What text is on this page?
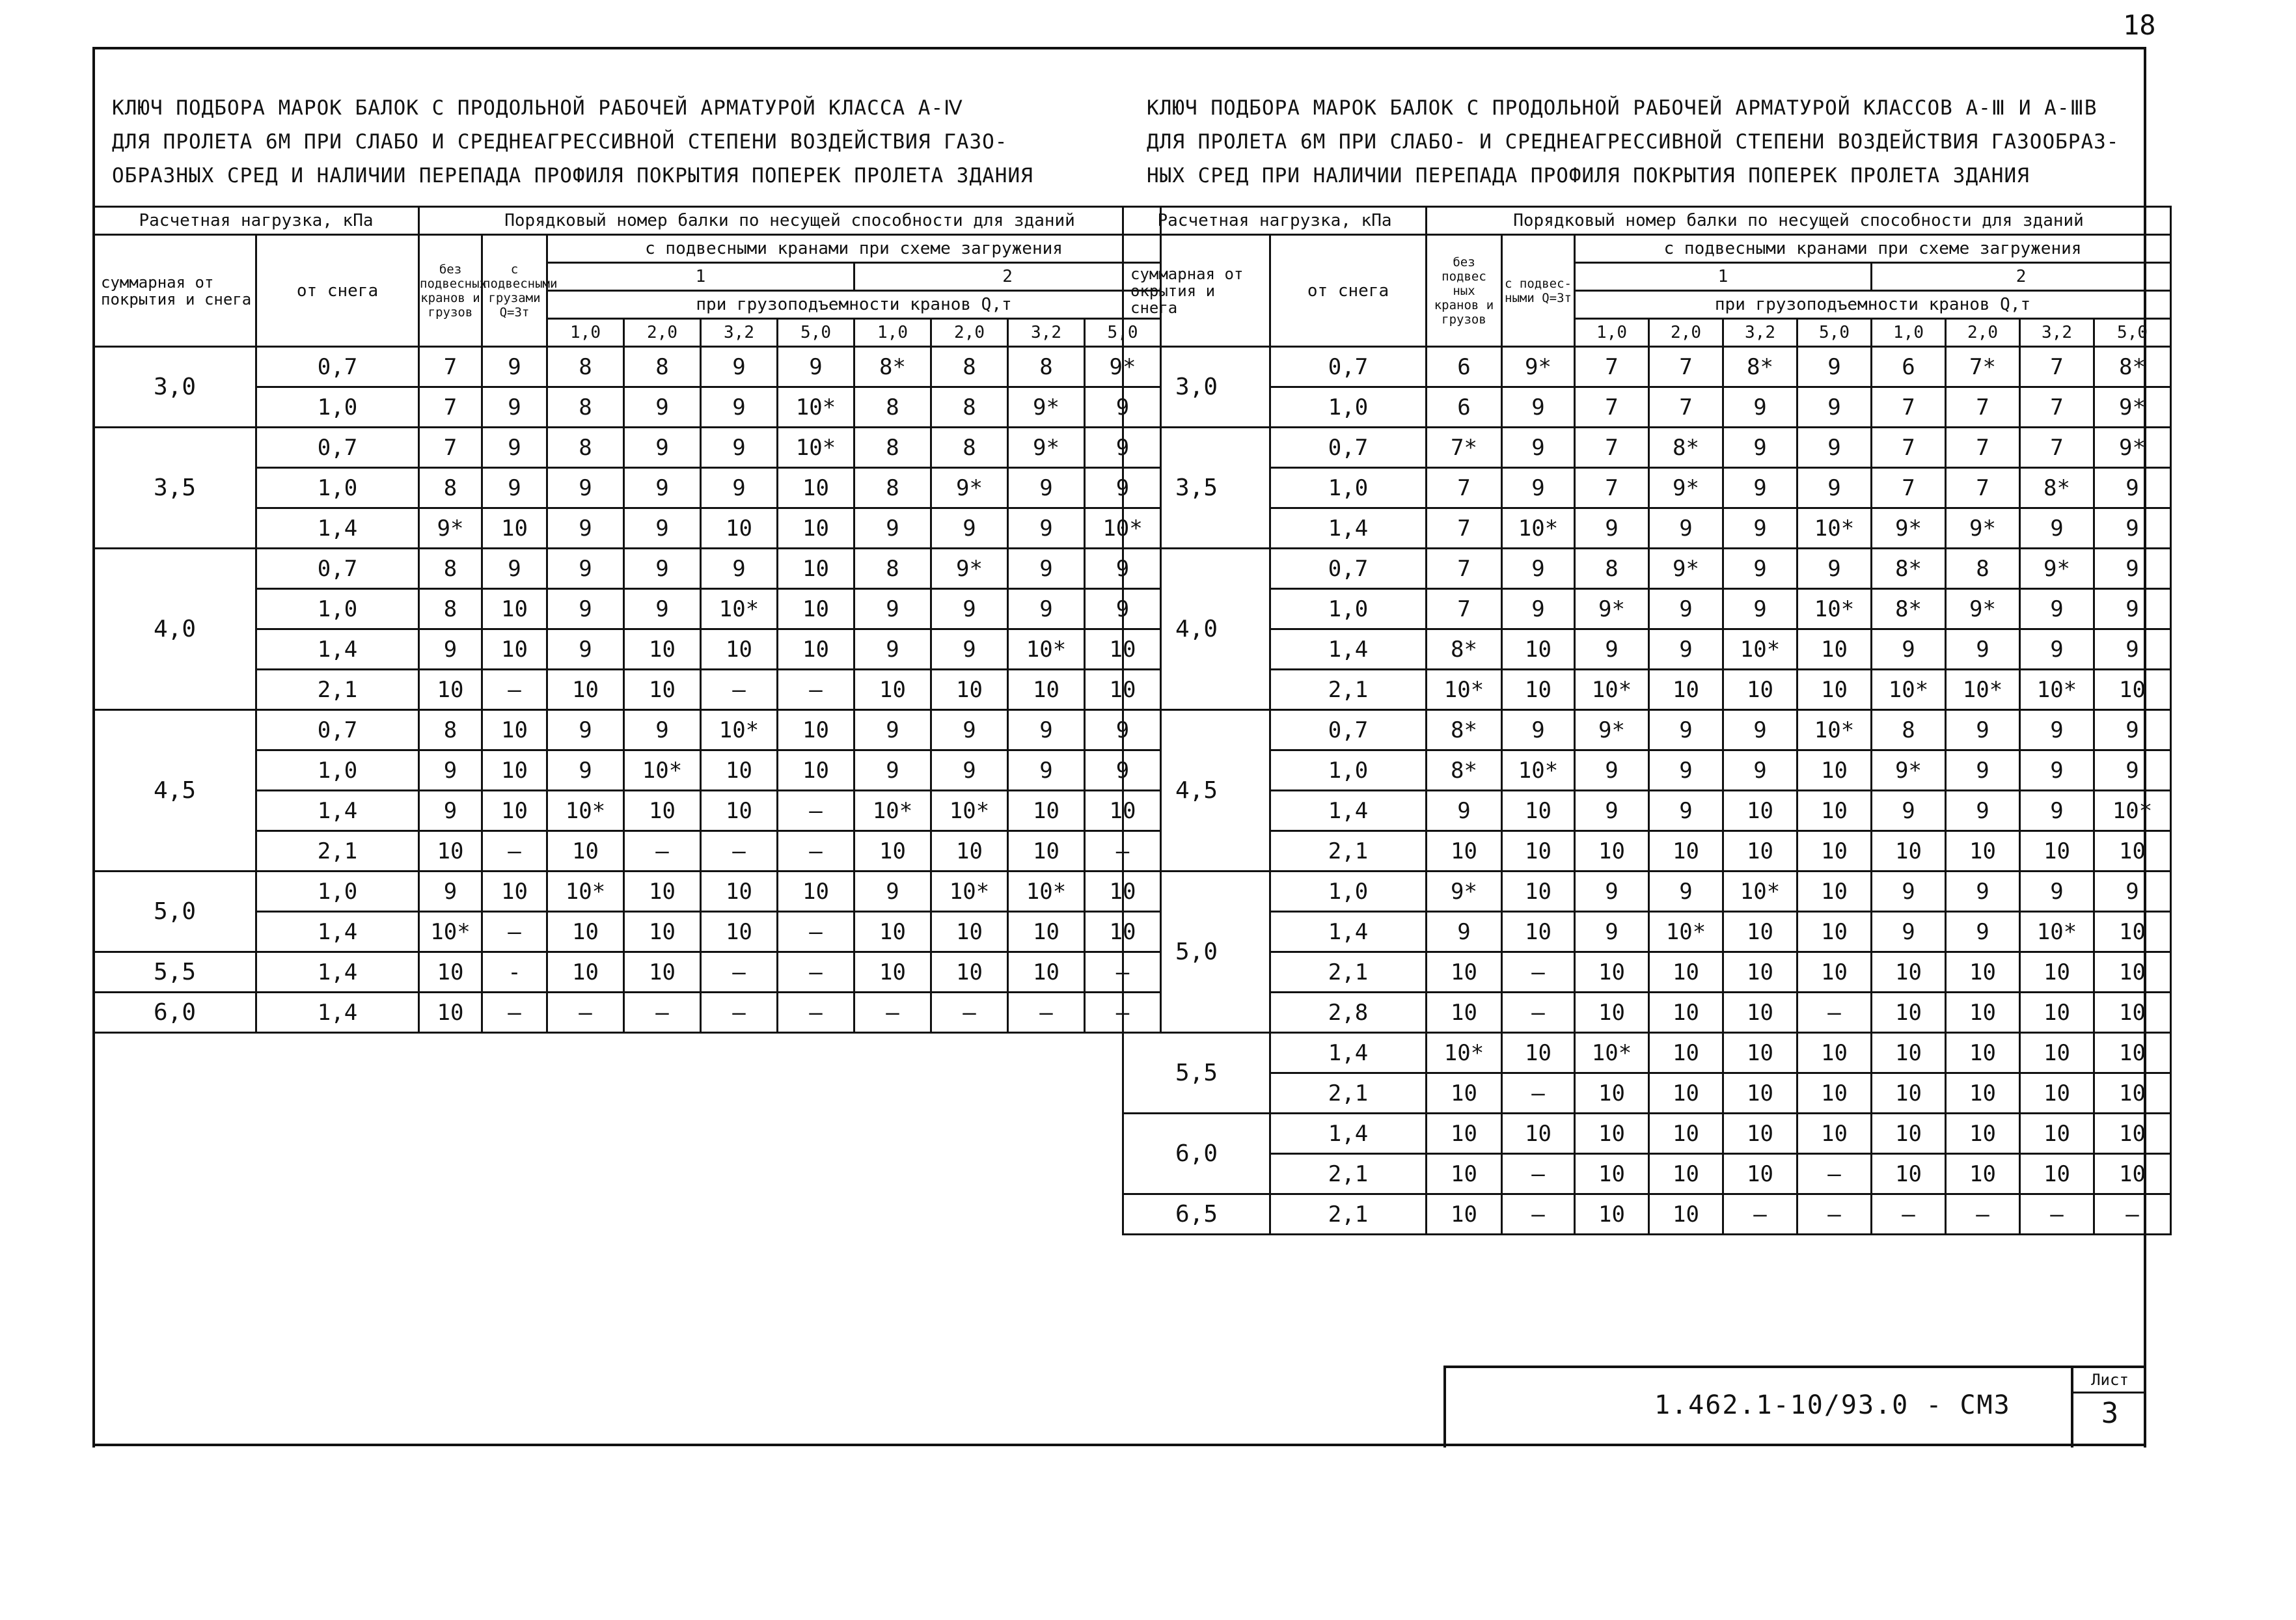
18
КЛЮЧ ПОДБОРА МАРОК БАЛОК С ПРОДОЛЬНОЙ РАБОЧЕЙ АРМАТУРОЙ КЛАССА А-Ⅳ
ДЛЯ ПРОЛЕТА 6М ПРИ СЛАБО И СРЕДНЕАГРЕССИВНОЙ СТЕПЕНИ ВОЗДЕЙСТВИЯ ГАЗО-
ОБРАЗНЫХ СРЕД И НАЛИЧИИ ПЕРЕПАДА ПРОФИЛЯ ПОКРЫТИЯ ПОПЕРЕК ПРОЛЕТА ЗДАНИЯ
КЛЮЧ ПОДБОРА МАРОК БАЛОК С ПРОДОЛЬНОЙ РАБОЧЕЙ АРМАТУРОЙ КЛАССОВ А-Ⅲ И А-ⅢВ
ДЛЯ ПРОЛЕТА 6М ПРИ СЛАБО- И СРЕДНЕАГРЕССИВНОЙ СТЕПЕНИ ВОЗДЕЙСТВИЯ ГАЗООБРАЗ-
НЫХ СРЕД ПРИ НАЛИЧИИ ПЕРЕПАДА ПРОФИЛЯ ПОКРЫТИЯ ПОПЕРЕК ПРОЛЕТА ЗДАНИЯ
Расчетная нагрузка, кПа		Порядковый номер балки по несущей способности для зданий									
суммарная от покрытия и снега	от снега	без подвесных кранов и грузов	с подвесными грузами Q=3т	с подвесными кранами при схеме загружения							
				1				2			
				при грузоподъемности кранов Q,т							
				1,0	2,0	3,2	5,0	1,0	2,0	3,2	5,0
3,0	0,7	7	9	8	8	9	9	8*	8	8	9*
	1,0	7	9	8	9	9	10*	8	8	9*	9
3,5	0,7	7	9	8	9	9	10*	8	8	9*	9
	1,0	8	9	9	9	9	10	8	9*	9	9
	1,4	9*	10	9	9	10	10	9	9	9	10*
4,0	0,7	8	9	9	9	9	10	8	9*	9	9
	1,0	8	10	9	9	10*	10	9	9	9	9
	1,4	9	10	9	10	10	10	9	9	10*	10
	2,1	10	—	10	10	—	—	10	10	10	10
4,5	0,7	8	10	9	9	10*	10	9	9	9	9
	1,0	9	10	9	10*	10	10	9	9	9	9
	1,4	9	10	10*	10	10	—	10*	10*	10	10
	2,1	10	—	10	—	—	—	10	10	10	—
5,0	1,0	9	10	10*	10	10	10	9	10*	10*	10
	1,4	10*	—	10	10	10	—	10	10	10	10
5,5	1,4	10	-	10	10	—	—	10	10	10	—
6,0	1,4	10	—	—	—	—	—	—	—	—	—
Расчетная нагрузка, кПа		Порядковый номер балки по несущей способности для зданий									
суммарная от окрытия и снега	от снега	без подвес ных кранов и грузов	с подвес-ными Q=3т	с подвесными кранами при схеме загружения							
				1				2			
				при грузоподъемности кранов Q,т							
				1,0	2,0	3,2	5,0	1,0	2,0	3,2	5,0
3,0	0,7	6	9*	7	7	8*	9	6	7*	7	8*
	1,0	6	9	7	7	9	9	7	7	7	9*
3,5	0,7	7*	9	7	8*	9	9	7	7	7	9*
	1,0	7	9	7	9*	9	9	7	7	8*	9
	1,4	7	10*	9	9	9	10*	9*	9*	9	9
4,0	0,7	7	9	8	9*	9	9	8*	8	9*	9
	1,0	7	9	9*	9	9	10*	8*	9*	9	9
	1,4	8*	10	9	9	10*	10	9	9	9	9
	2,1	10*	10	10*	10	10	10	10*	10*	10*	10
4,5	0,7	8*	9	9*	9	9	10*	8	9	9	9
	1,0	8*	10*	9	9	9	10	9*	9	9	9
	1,4	9	10	9	9	10	10	9	9	9	10*
	2,1	10	10	10	10	10	10	10	10	10	10
5,0	1,0	9*	10	9	9	10*	10	9	9	9	9
	1,4	9	10	9	10*	10	10	9	9	10*	10
	2,1	10	—	10	10	10	10	10	10	10	10
	2,8	10	—	10	10	10	—	10	10	10	10
5,5	1,4	10*	10	10*	10	10	10	10	10	10	10
	2,1	10	—	10	10	10	10	10	10	10	10
6,0	1,4	10	10	10	10	10	10	10	10	10	10
	2,1	10	—	10	10	10	—	10	10	10	10
6,5	2,1	10	—	10	10	—	—	—	—	—	—
1.462.1-10/93.0 - СМ3
Лист
3
